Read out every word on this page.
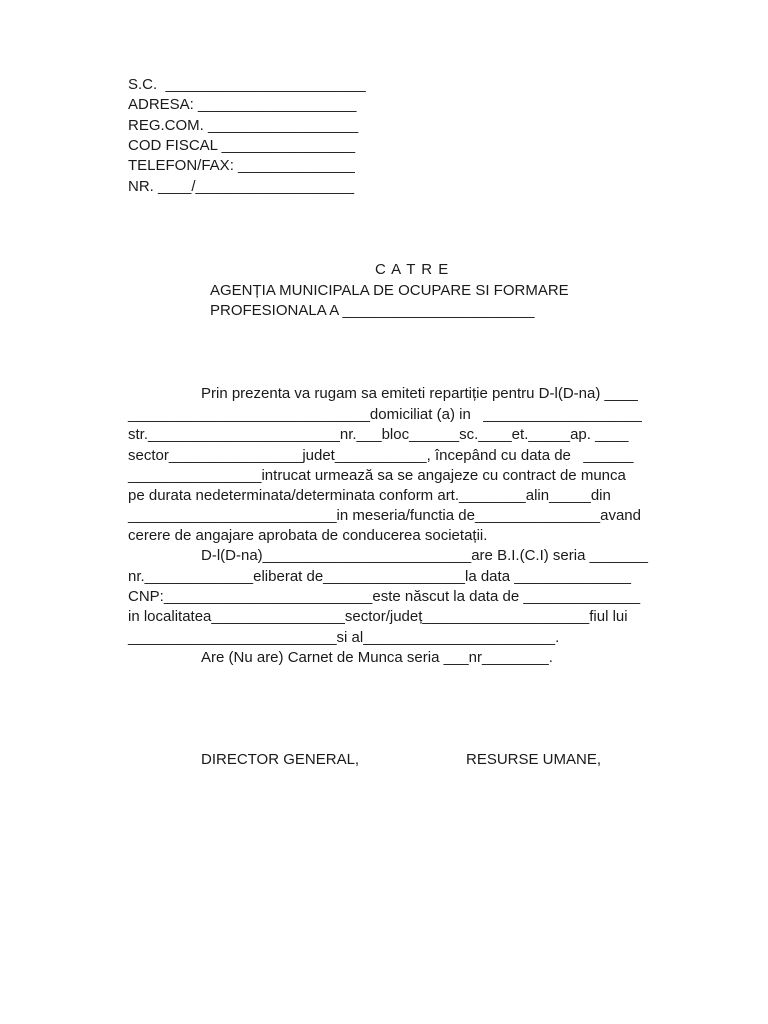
S.C.  ________________________

ADRESA: ___________________

REG.COM. __________________

COD FISCAL ________________

TELEFON/FAX: ______________

NR. ____/___________________

C A T R E

AGENȚIA MUNICIPALA DE OCUPARE SI FORMARE

PROFESIONALA A _______________________

Prin prezenta va rugam sa emiteti repartiție pentru D-l(D-na) ____

_____________________________domiciliat (a) in   ___________________

str._______________________nr.___bloc______sc.____et._____ap. ____

sector________________judet___________, începând cu data de   ______

________________intrucat urmează sa se angajeze cu contract de munca

pe durata nedeterminata/determinata conform art.________alin_____din

_________________________in meseria/functia de_______________avand

cerere de angajare aprobata de conducerea societații.

D-l(D-na)_________________________are B.I.(C.I) seria _______

nr._____________eliberat de_________________la data ______________

CNP:_________________________este născut la data de ______________

in localitatea________________sector/județ____________________fiul lui

_________________________si al_______________________.

Are (Nu are) Carnet de Munca seria ___nr________.

DIRECTOR GENERAL,	RESURSE UMANE,
